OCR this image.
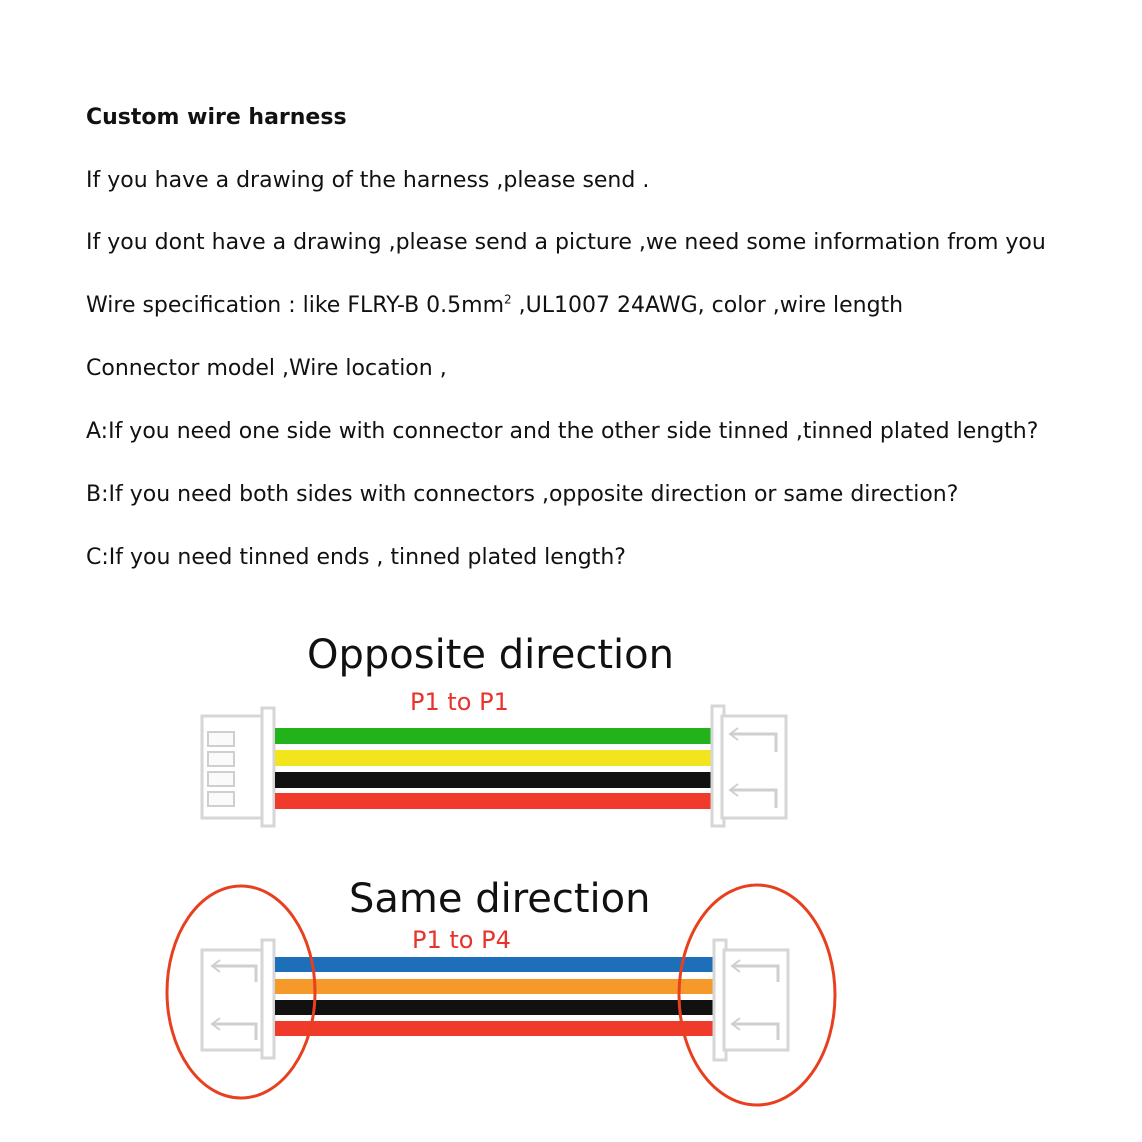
Custom wire harness
If you have a drawing of the harness ,please send .
If you dont have a drawing ,please send a picture ,we need some information from you
Wire specification : like FLRY-B $0.5mm^2$ ,UL1007 24AWG, color ,wire length
Connector model ,Wire location ,
A:If you need one side with connector and the other side tinned ,tinned plated length?
B:If you need both sides with connectors ,opposite direction or same direction?
C:If you need tinned ends , tinned plated length?
Opposite direction
P1 to P1
Same direction
P1 to P4
